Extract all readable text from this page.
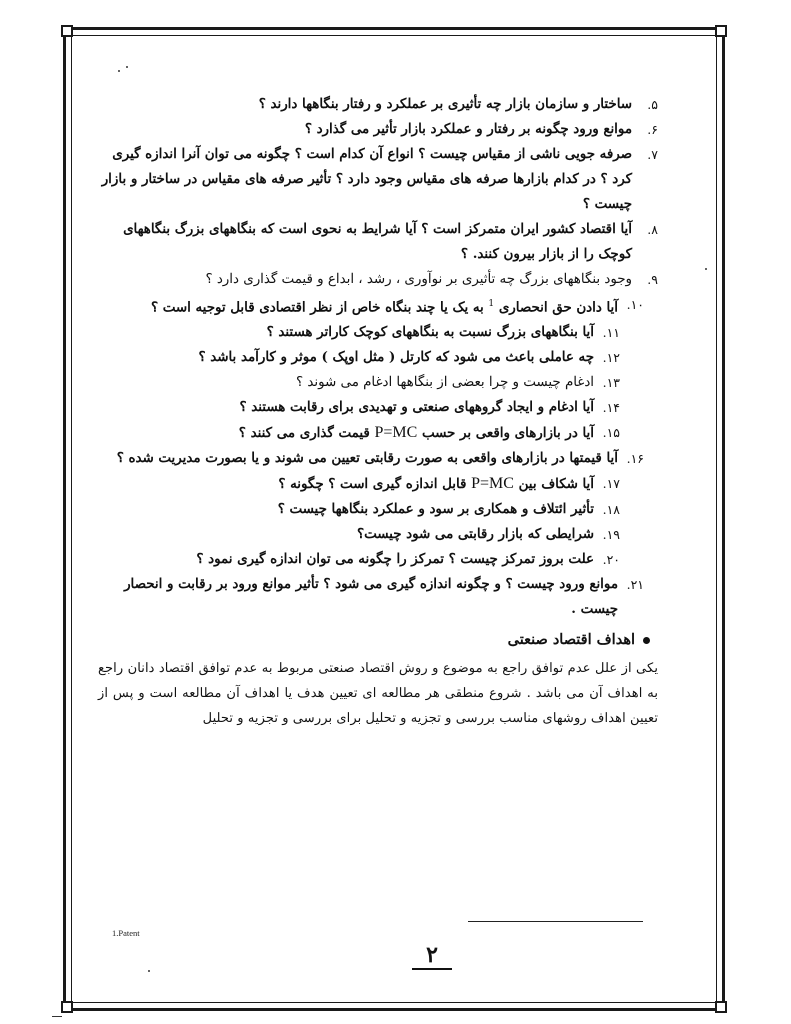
۵.
ساختار و سازمان بازار چه تأثیری بر عملکرد و رفتار بنگاهها دارند ؟
۶.
موانع ورود چگونه بر رفتار و عملکرد بازار تأثیر می گذارد ؟
۷.
صرفه جویی ناشی از مقیاس چیست ؟ انواع آن کدام است ؟ چگونه می توان آنرا اندازه گیری کرد ؟ در کدام بازارها صرفه های مقیاس وجود دارد ؟ تأثیر صرفه های مقیاس در ساختار و بازار چیست ؟
۸.
آیا اقتصاد کشور ایران متمرکز است ؟ آیا شرایط به نحوی است که بنگاههای بزرگ بنگاههای کوچک را از بازار بیرون کنند. ؟
۹.
وجود بنگاههای بزرگ چه تأثیری بر نوآوری ، رشد ، ابداع و قیمت گذاری دارد ؟
۱۰.
آیا دادن حق انحصاری $^1$ به یک یا چند بنگاه خاص از نظر اقتصادی قابل توجیه است ؟
۱۱.
آیا بنگاههای بزرگ نسبت به بنگاههای کوچک کاراتر هستند ؟
۱۲.
چه عاملی باعث می شود که کارتل ( مثل اوپک ) موثر و کارآمد باشد ؟
۱۳.
ادغام چیست و چرا بعضی از بنگاهها ادغام می شوند ؟
۱۴.
آیا ادغام و ایجاد گروههای صنعتی و تهدیدی برای رقابت هستند ؟
۱۵.
آیا در بازارهای واقعی بر حسب P=MC قیمت گذاری می کنند ؟
۱۶.
آیا قیمتها در بازارهای واقعی به صورت رقابتی تعیین می شوند و یا بصورت مدیریت شده ؟
۱۷.
آیا شکاف بین P=MC قابل اندازه گیری است ؟ چگونه ؟
۱۸.
تأثیر ائتلاف و همکاری بر سود و عملکرد بنگاهها چیست ؟
۱۹.
شرایطی که بازار رقابتی می شود چیست؟
۲۰.
علت بروز تمرکز چیست ؟ تمرکز را چگونه می توان اندازه گیری نمود ؟
۲۱.
موانع ورود چیست ؟ و چگونه اندازه گیری می شود ؟ تأثیر موانع ورود بر رقابت و انحصار چیست .
اهداف اقتصاد صنعتی
یکی از علل عدم توافق راجع به موضوع و روش اقتصاد صنعتی مربوط به عدم توافق اقتصاد دانان راجع به اهداف آن می باشد . شروع منطقی هر مطالعه ای تعیین هدف یا اهداف آن مطالعه است و پس از تعیین اهداف روشهای مناسب بررسی و تجزیه و تحلیل برای بررسی و تجزیه و تحلیل
1.Patent
۲
